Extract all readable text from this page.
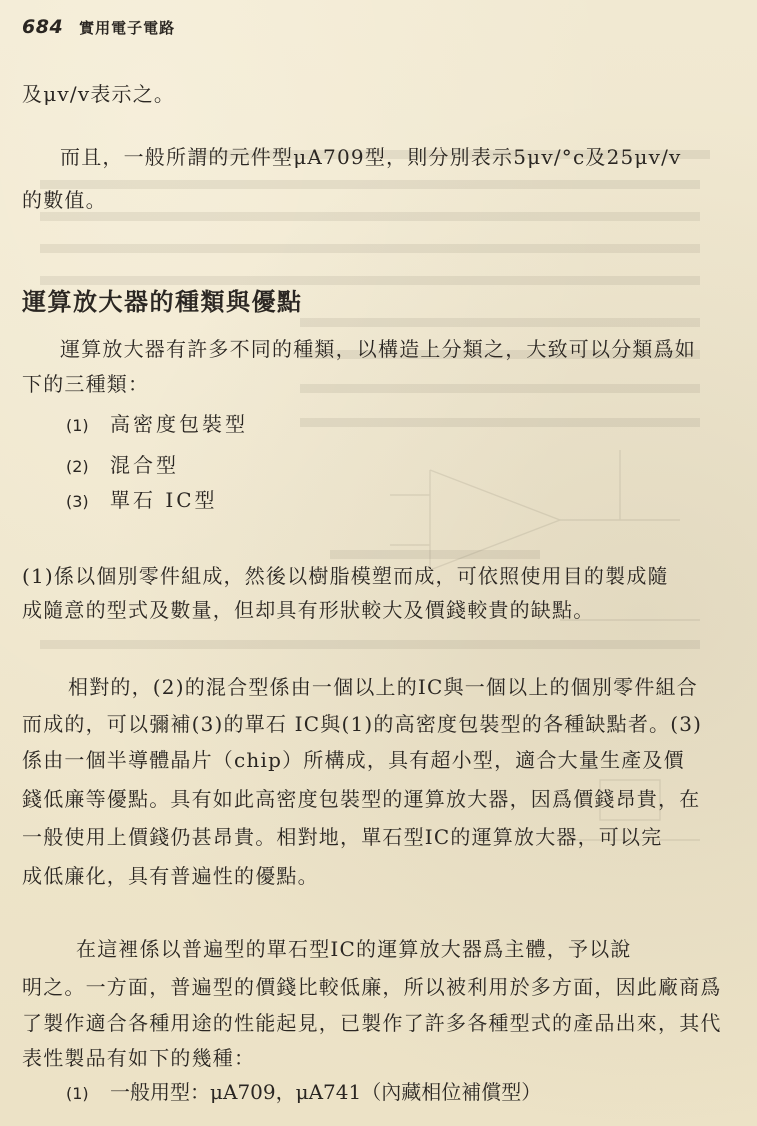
684 實用電子電路
及μv/v表示之。
而且，一般所謂的元件型μA709型，則分別表示5μv/°c及25μv/v
的數值。
運算放大器的種類與優點
運算放大器有許多不同的種類，以構造上分類之，大致可以分類爲如
下的三種類：
(1) 高密度包裝型
(2) 混合型
(3) 單石 IC型
(1)係以個別零件組成，然後以樹脂模塑而成，可依照使用目的製成隨
成隨意的型式及數量，但却具有形狀較大及價錢較貴的缺點。
相對的，(2)的混合型係由一個以上的IC與一個以上的個別零件組合
而成的，可以彌補(3)的單石 IC與(1)的高密度包裝型的各種缺點者。(3)
係由一個半導體晶片（chip）所構成，具有超小型，適合大量生產及價
錢低廉等優點。具有如此高密度包裝型的運算放大器，因爲價錢昂貴，在
一般使用上價錢仍甚昂貴。相對地，單石型IC的運算放大器，可以完
成低廉化，具有普遍性的優點。
在這裡係以普遍型的單石型IC的運算放大器爲主體，予以說
明之。一方面，普遍型的價錢比較低廉，所以被利用於多方面，因此廠商爲
了製作適合各種用途的性能起見，已製作了許多各種型式的產品出來，其代
表性製品有如下的幾種：
(1) 一般用型：μA709，μA741（內藏相位補償型）
